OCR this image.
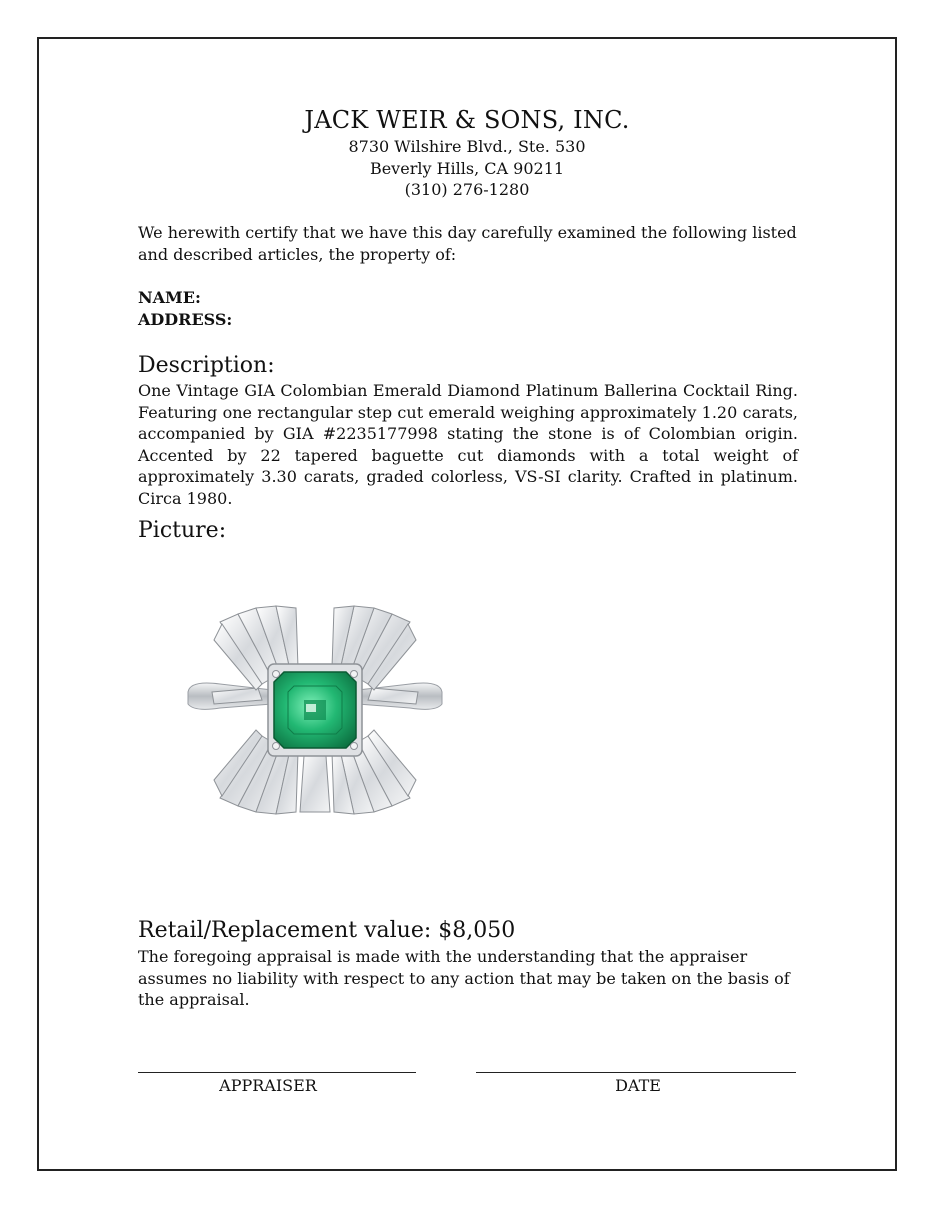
JACK WEIR & SONS, INC.
8730 Wilshire Blvd., Ste. 530
Beverly Hills, CA 90211
(310) 276-1280
We herewith certify that we have this day carefully examined the following listed and described articles, the property of:
NAME:
ADDRESS:
Description:
One Vintage GIA Colombian Emerald Diamond Platinum Ballerina Cocktail Ring. Featuring one rectangular step cut emerald weighing approximately 1.20 carats, accompanied by GIA #2235177998 stating the stone is of Colombian origin. Accented by 22 tapered baguette cut diamonds with a total weight of approximately 3.30 carats, graded colorless, VS-SI clarity. Crafted in platinum. Circa 1980.
Picture:
Retail/Replacement value: $8,050
The foregoing appraisal is made with the understanding that the appraiser assumes no liability with respect to any action that may be taken on the basis of the appraisal.
APPRAISER	DATE
